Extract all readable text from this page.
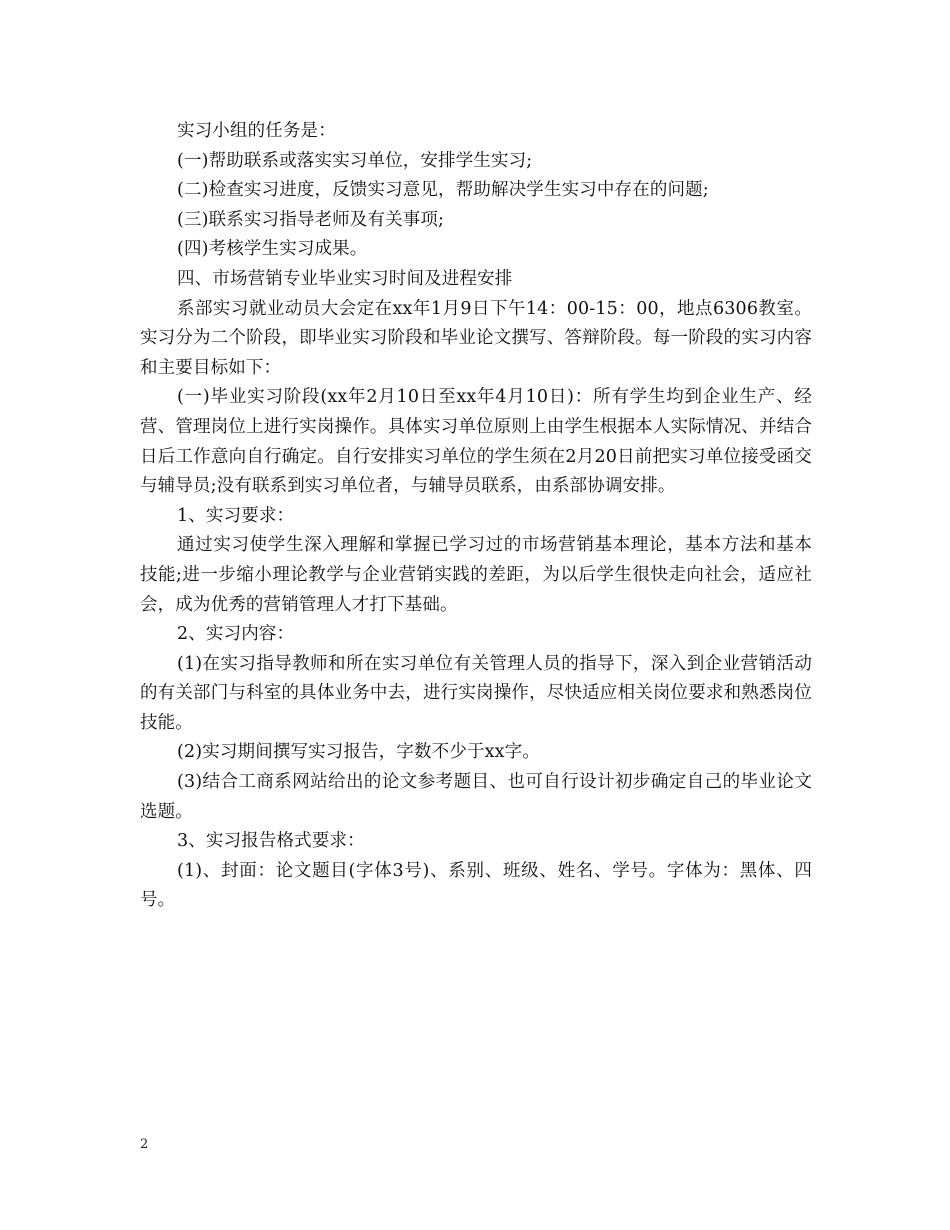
实习小组的任务是：

(一)帮助联系或落实实习单位，安排学生实习;

(二)检查实习进度，反馈实习意见，帮助解决学生实习中存在的问题;

(三)联系实习指导老师及有关事项;

(四)考核学生实习成果。

四、市场营销专业毕业实习时间及进程安排

系部实习就业动员大会定在xx年1月9日下午14：00-15：00，地点6306教室。实习分为二个阶段，即毕业实习阶段和毕业论文撰写、答辩阶段。每一阶段的实习内容和主要目标如下：

(一)毕业实习阶段(xx年2月10日至xx年4月10日)：所有学生均到企业生产、经营、管理岗位上进行实岗操作。具体实习单位原则上由学生根据本人实际情况、并结合日后工作意向自行确定。自行安排实习单位的学生须在2月20日前把实习单位接受函交与辅导员;没有联系到实习单位者，与辅导员联系，由系部协调安排。

1、实习要求：

通过实习使学生深入理解和掌握已学习过的市场营销基本理论，基本方法和基本技能;进一步缩小理论教学与企业营销实践的差距，为以后学生很快走向社会，适应社会，成为优秀的营销管理人才打下基础。

2、实习内容：

(1)在实习指导教师和所在实习单位有关管理人员的指导下，深入到企业营销活动的有关部门与科室的具体业务中去，进行实岗操作，尽快适应相关岗位要求和熟悉岗位技能。

(2)实习期间撰写实习报告，字数不少于xx字。

(3)结合工商系网站给出的论文参考题目、也可自行设计初步确定自己的毕业论文选题。

3、实习报告格式要求：

(1)、封面：论文题目(字体3号)、系别、班级、姓名、学号。字体为：黑体、四号。

2
